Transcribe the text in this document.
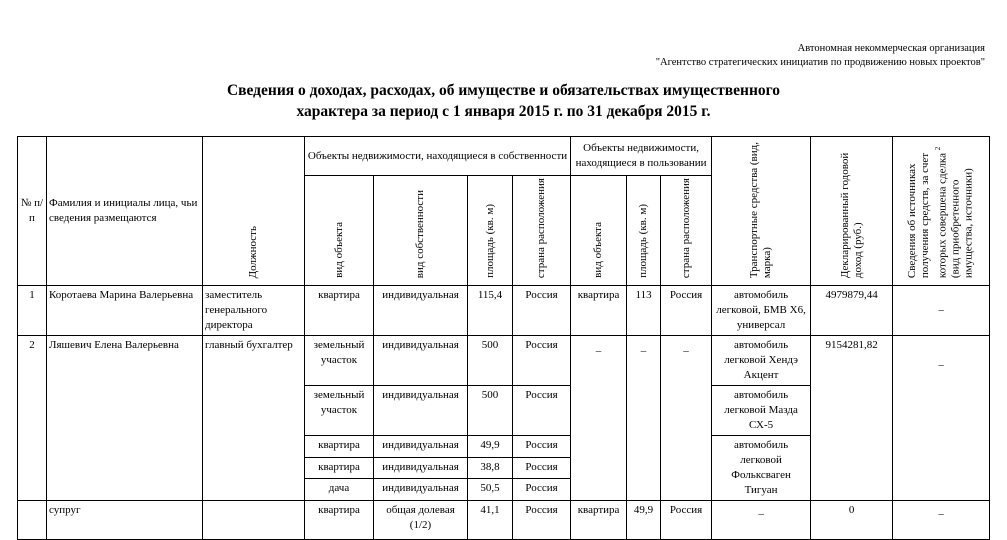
Автономная некоммерческая организация
"Агентство стратегических инициатив по продвижению новых проектов"
Сведения о доходах, расходах, об имуществе и обязательствах имущественного
характера за период с 1 января 2015 г. по 31 декабря 2015 г.
№ п/п	Фамилия и инициалы лица, чьи сведения размещаются	Должность	Объекты недвижимости, находящиеся в собственности				Объекты недвижимости, находящиеся в пользовании			Транспортные средства (вид, марка)	Декларированный годовой доход (руб.)	Сведения об источниках получения средств, за счет которых совершена сделка $^2$ (вид приобретенного имущества, источники)
			вид объекта	вид собственности	площадь (кв. м)	страна расположения	вид объекта	площадь (кв. м)	страна расположения			
1	Коротаева Марина Валерьевна	заместитель генерального директора	квартира	индивидуальная	115,4	Россия	квартира	113	Россия	автомобиль легковой, БМВ Х6, универсал	4979879,44	–
2	Ляшевич Елена Валерьевна	главный бухгалтер	земельный участок	индивидуальная	500	Россия	–	–	–	автомобиль легковой Хендэ Акцент	9154281,82	–
			земельный участок	индивидуальная	500	Россия				автомобиль легковой Мазда СХ-5		
			квартира	индивидуальная	49,9	Россия				автомобиль легковой Фольксваген Тигуан		
			квартира	индивидуальная	38,8	Россия						
			дача	индивидуальная	50,5	Россия						
	супруг		квартира	общая долевая (1/2)	41,1	Россия	квартира	49,9	Россия	–	0	–
